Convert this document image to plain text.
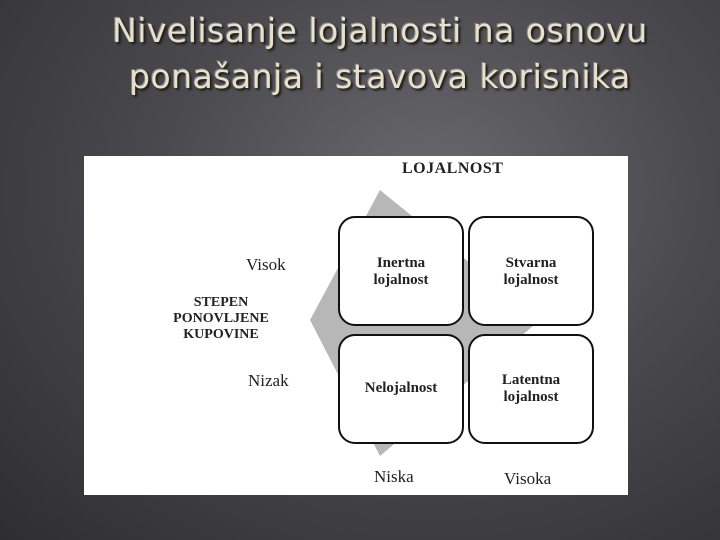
Nivelisanje lojalnosti na osnovu
ponašanja i stavova korisnika
LOJALNOST
Visok
Nizak
STEPEN
PONOVLJENE
KUPOVINE
Niska	Visoka
Inertna
lojalnost
Stvarna
lojalnost
Nelojalnost	Latentna
lojalnost
